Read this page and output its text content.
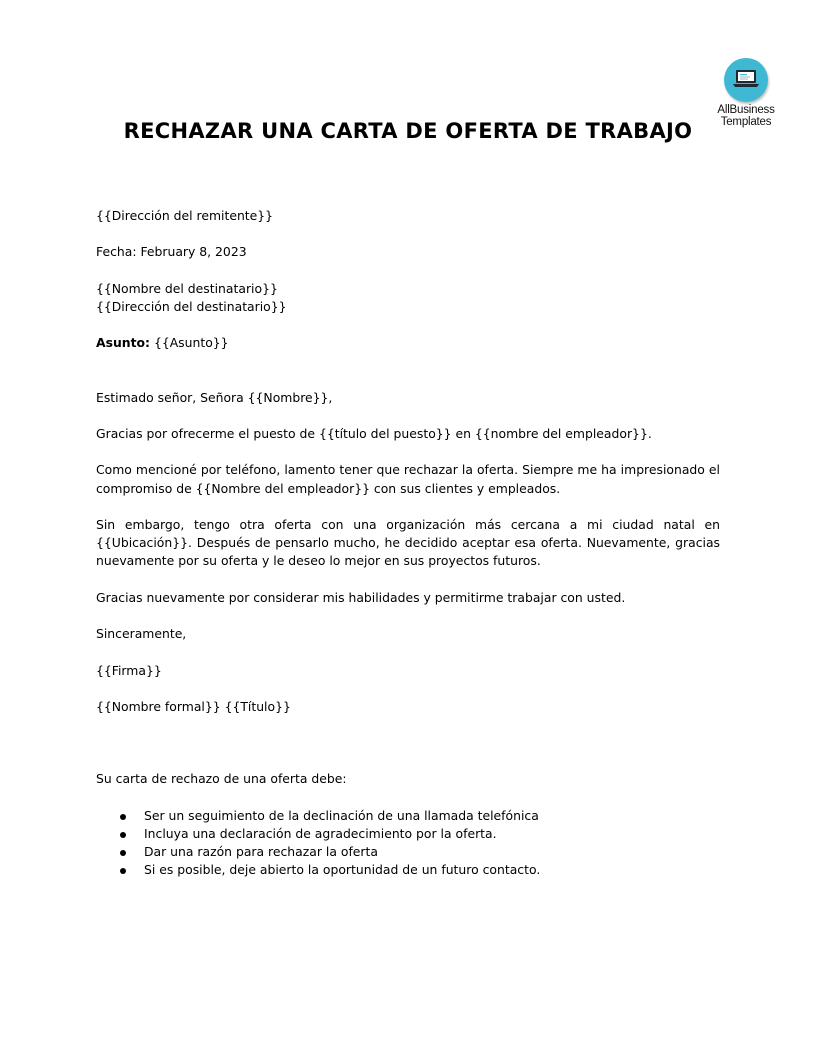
AllBusiness
Templates
RECHAZAR UNA CARTA DE OFERTA DE TRABAJO

{{Dirección del remitente}}

Fecha: February 8, 2023

{{Nombre del destinatario}}
{{Dirección del destinatario}}

Asunto: {{Asunto}}

Estimado señor, Señora {{Nombre}},

Gracias por ofrecerme el puesto de {{título del puesto}} en {{nombre del empleador}}.

Como mencioné por teléfono, lamento tener que rechazar la oferta. Siempre me ha impresionado el compromiso de {{Nombre del empleador}} con sus clientes y empleados.

Sin embargo, tengo otra oferta con una organización más cercana a mi ciudad natal en {{Ubicación}}. Después de pensarlo mucho, he decidido aceptar esa oferta. Nuevamente, gracias nuevamente por su oferta y le deseo lo mejor en sus proyectos futuros.

Gracias nuevamente por considerar mis habilidades y permitirme trabajar con usted.

Sinceramente,

{{Firma}}

{{Nombre formal}} {{Título}}

Su carta de rechazo de una oferta debe:

Ser un seguimiento de la declinación de una llamada telefónica
Incluya una declaración de agradecimiento por la oferta.
Dar una razón para rechazar la oferta
Si es posible, deje abierto la oportunidad de un futuro contacto.
